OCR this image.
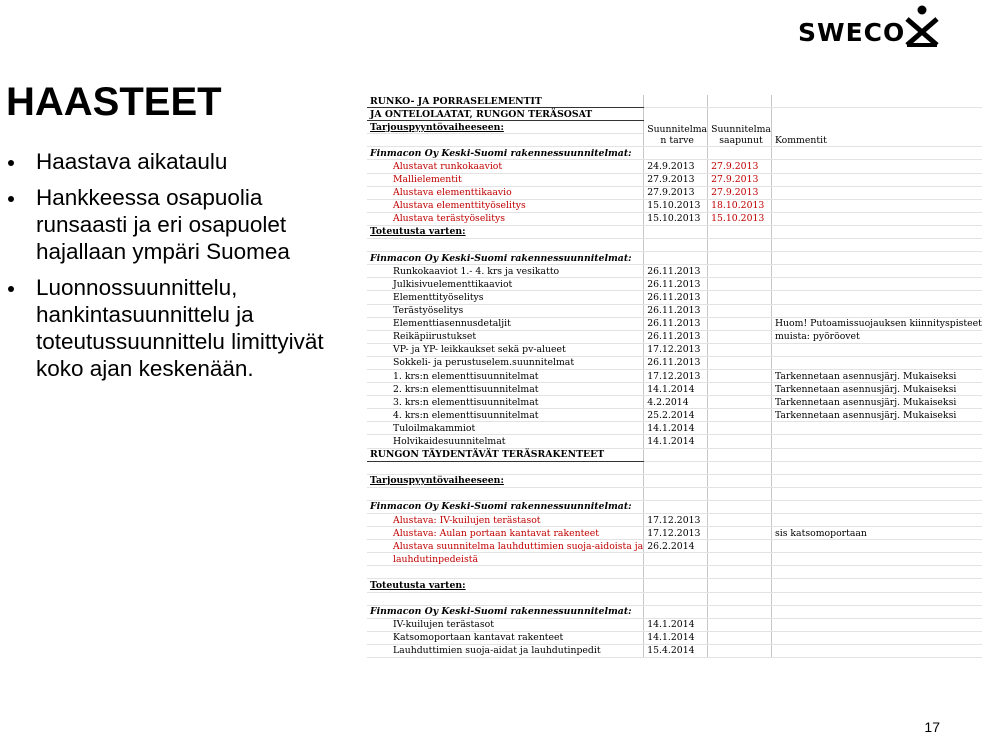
SWECO
HAASTEET
Haastava aikataulu
Hankkeessa osapuolia runsaasti ja eri osapuolet hajallaan ympäri Suomea
Luonnossuunnittelu, hankintasuunnittelu ja toteutussuunnittelu limittyivät koko ajan keskenään.
RUNKO- JA PORRASELEMENTIT			
JA ONTELOLAATAT, RUNGON TERÄSOSAT	Suunnitelma n tarve	Suunnitelma saapunut	Kommentit
Tarjouspyyntövaiheeseen:			

Finmacon Oy Keski-Suomi rakennessuunnitelmat:			
Alustavat runkokaaviot	24.9.2013	27.9.2013	
Mallielementit	27.9.2013	27.9.2013	
Alustava elementtikaavio	27.9.2013	27.9.2013	
Alustava elementtityöselitys	15.10.2013	18.10.2013	
Alustava terästyöselitys	15.10.2013	15.10.2013	
Toteutusta varten:			

Finmacon Oy Keski-Suomi rakennessuunnitelmat:			
Runkokaaviot 1.- 4. krs ja vesikatto	26.11.2013		
Julkisivuelementtikaaviot	26.11.2013		
Elementtityöselitys	26.11.2013		
Terästyöselitys	26.11.2013		
Elementtiasennusdetaljit	26.11.2013		Huom! Putoamissuojauksen kiinnityspisteet
Reikäpiirustukset	26.11.2013		muista: pyöröovet
VP- ja YP- leikkaukset sekä pv-alueet	17.12.2013		
Sokkeli- ja perustuselem.suunnitelmat	26.11.2013		
1. krs:n elementtisuunnitelmat	17.12.2013		Tarkennetaan asennusjärj. Mukaiseksi
2. krs:n elementtisuunnitelmat	14.1.2014		Tarkennetaan asennusjärj. Mukaiseksi
3. krs:n elementtisuunnitelmat	4.2.2014		Tarkennetaan asennusjärj. Mukaiseksi
4. krs:n elementtisuunnitelmat	25.2.2014		Tarkennetaan asennusjärj. Mukaiseksi
Tuloilmakammiot	14.1.2014		
Holvikaidesuunnitelmat	14.1.2014		
RUNGON TÄYDENTÄVÄT TERÄSRAKENTEET			

Tarjouspyyntövaiheeseen:			

Finmacon Oy Keski-Suomi rakennessuunnitelmat:			
Alustava: IV-kuilujen terästasot	17.12.2013		
Alustava: Aulan portaan kantavat rakenteet	17.12.2013		sis katsomoportaan
Alustava suunnitelma lauhduttimien suoja-aidoista ja	26.2.2014		
lauhdutinpedeistä			

Toteutusta varten:			

Finmacon Oy Keski-Suomi rakennessuunnitelmat:			
IV-kuilujen terästasot	14.1.2014		
Katsomoportaan kantavat rakenteet	14.1.2014		
Lauhduttimien suoja-aidat ja lauhdutinpedit	15.4.2014		
17
